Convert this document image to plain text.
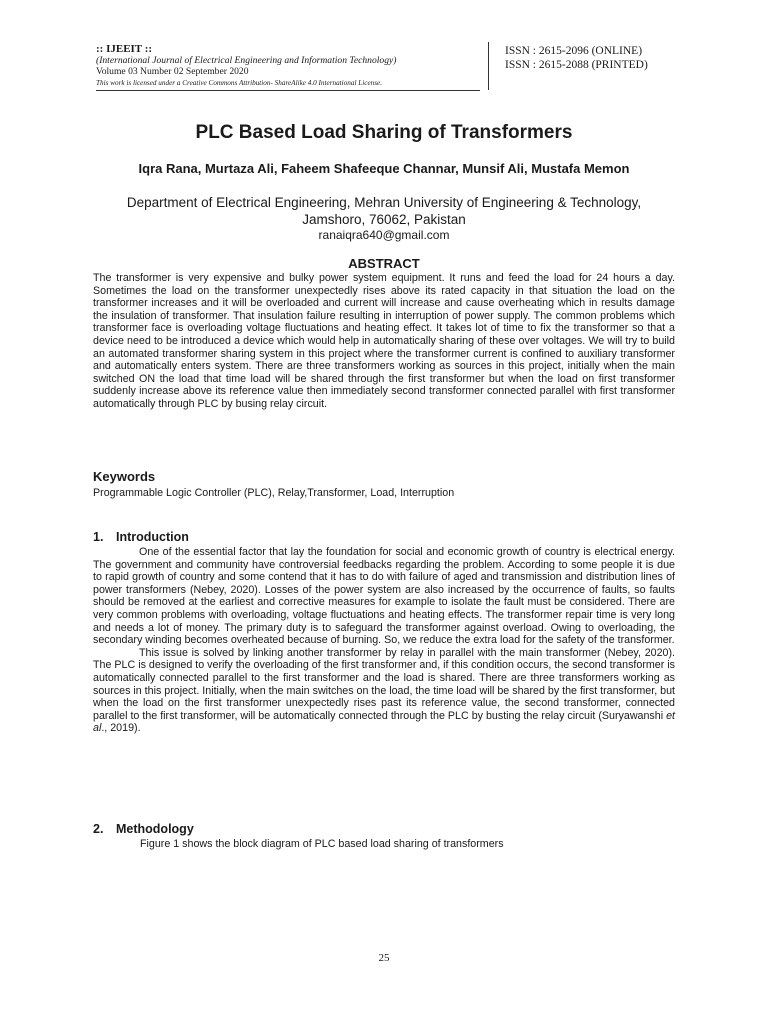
:: IJEEIT ::
(International Journal of Electrical Engineering and Information Technology)
Volume 03 Number 02 September 2020
This work is licensed under a Creative Commons Attribution- ShareAlike 4.0 International License.
ISSN : 2615-2096 (ONLINE)
ISSN : 2615-2088 (PRINTED)
PLC Based Load Sharing of Transformers

Iqra Rana, Murtaza Ali, Faheem Shafeeque Channar, Munsif Ali, Mustafa Memon

Department of Electrical Engineering, Mehran University of Engineering & Technology, Jamshoro, 76062, Pakistan

ranaiqra640@gmail.com

ABSTRACT

The transformer is very expensive and bulky power system equipment. It runs and feed the load for 24 hours a day. Sometimes the load on the transformer unexpectedly rises above its rated capacity in that situation the load on the transformer increases and it will be overloaded and current will increase and cause overheating which in results damage the insulation of transformer. That insulation failure resulting in interruption of power supply. The common problems which transformer face is overloading voltage fluctuations and heating effect. It takes lot of time to fix the transformer so that a device need to be introduced a device which would help in automatically sharing of these over voltages. We will try to build an automated transformer sharing system in this project where the transformer current is confined to auxiliary transformer and automatically enters system. There are three transformers working as sources in this project, initially when the main switched ON the load that time load will be shared through the first transformer but when the load on first transformer suddenly increase above its reference value then immediately second transformer connected parallel with first transformer automatically through PLC by busing relay circuit.

Keywords

Programmable Logic Controller (PLC), Relay,Transformer, Load, Interruption

1. Introduction

One of the essential factor that lay the foundation for social and economic growth of country is electrical energy. The government and community have controversial feedbacks regarding the problem. According to some people it is due to rapid growth of country and some contend that it has to do with failure of aged and transmission and distribution lines of power transformers (Nebey, 2020). Losses of the power system are also increased by the occurrence of faults, so faults should be removed at the earliest and corrective measures for example to isolate the fault must be considered. There are very common problems with overloading, voltage fluctuations and heating effects. The transformer repair time is very long and needs a lot of money. The primary duty is to safeguard the transformer against overload. Owing to overloading, the secondary winding becomes overheated because of burning. So, we reduce the extra load for the safety of the transformer.

This issue is solved by linking another transformer by relay in parallel with the main transformer (Nebey, 2020). The PLC is designed to verify the overloading of the first transformer and, if this condition occurs, the second transformer is automatically connected parallel to the first transformer and the load is shared. There are three transformers working as sources in this project. Initially, when the main switches on the load, the time load will be shared by the first transformer, but when the load on the first transformer unexpectedly rises past its reference value, the second transformer, connected parallel to the first transformer, will be automatically connected through the PLC by busting the relay circuit (Suryawanshi et al., 2019).

2. Methodology

Figure 1 shows the block diagram of PLC based load sharing of transformers

25
